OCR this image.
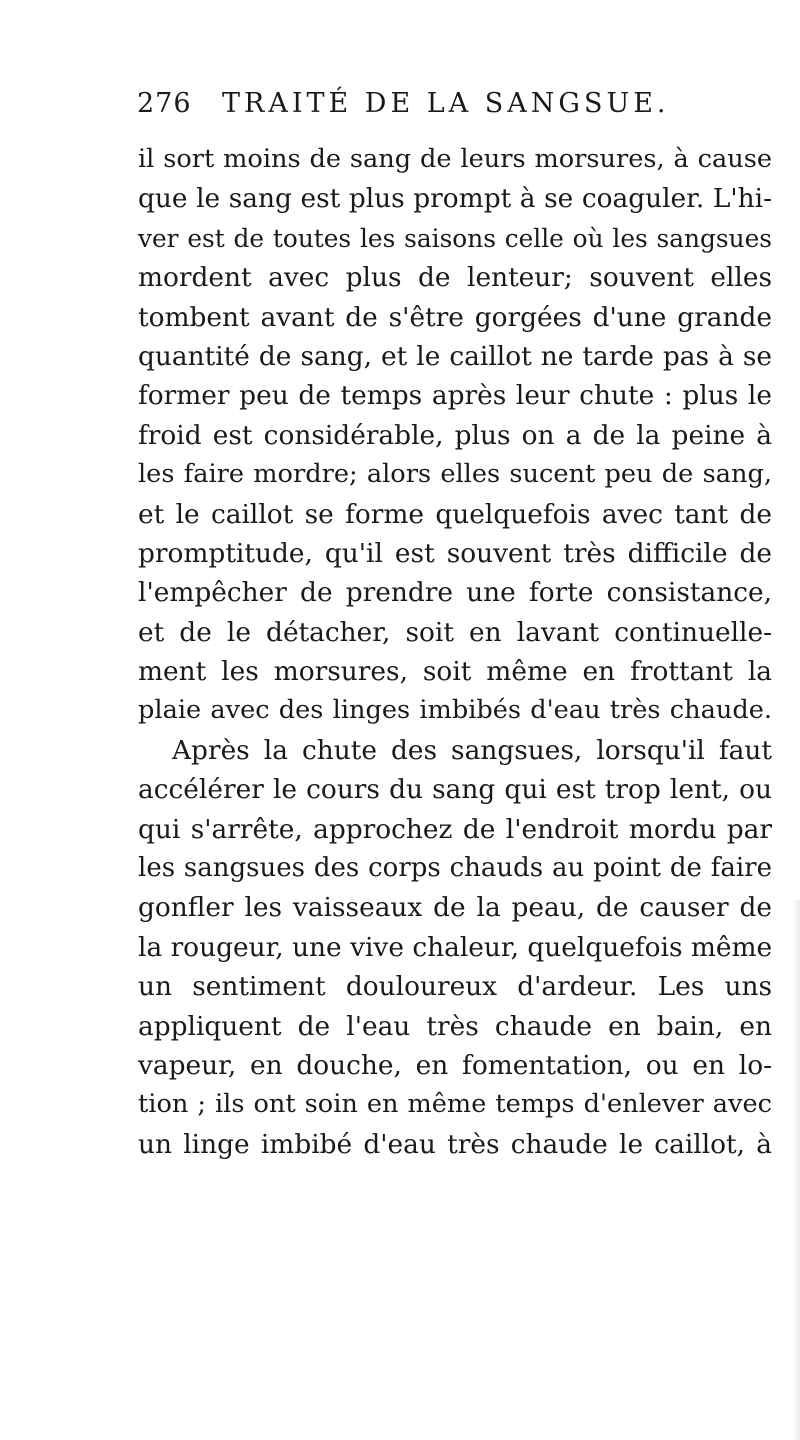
276	TRAITÉ DE LA SANGSUE.
il sort moins de sang de leurs morsures, à cause
que le sang est plus prompt à se coaguler. L'hi-
ver est de toutes les saisons celle où les sangsues
mordent avec plus de lenteur; souvent elles
tombent avant de s'être gorgées d'une grande
quantité de sang, et le caillot ne tarde pas à se
former peu de temps après leur chute : plus le
froid est considérable, plus on a de la peine à
les faire mordre; alors elles sucent peu de sang,
et le caillot se forme quelquefois avec tant de
promptitude, qu'il est souvent très difficile de
l'empêcher de prendre une forte consistance,
et de le détacher, soit en lavant continuelle-
ment les morsures, soit même en frottant la
plaie avec des linges imbibés d'eau très chaude.
Après la chute des sangsues, lorsqu'il faut
accélérer le cours du sang qui est trop lent, ou
qui s'arrête, approchez de l'endroit mordu par
les sangsues des corps chauds au point de faire
gonfler les vaisseaux de la peau, de causer de
la rougeur, une vive chaleur, quelquefois même
un sentiment douloureux d'ardeur. Les uns
appliquent de l'eau très chaude en bain, en
vapeur, en douche, en fomentation, ou en lo-
tion ; ils ont soin en même temps d'enlever avec
un linge imbibé d'eau très chaude le caillot, à
